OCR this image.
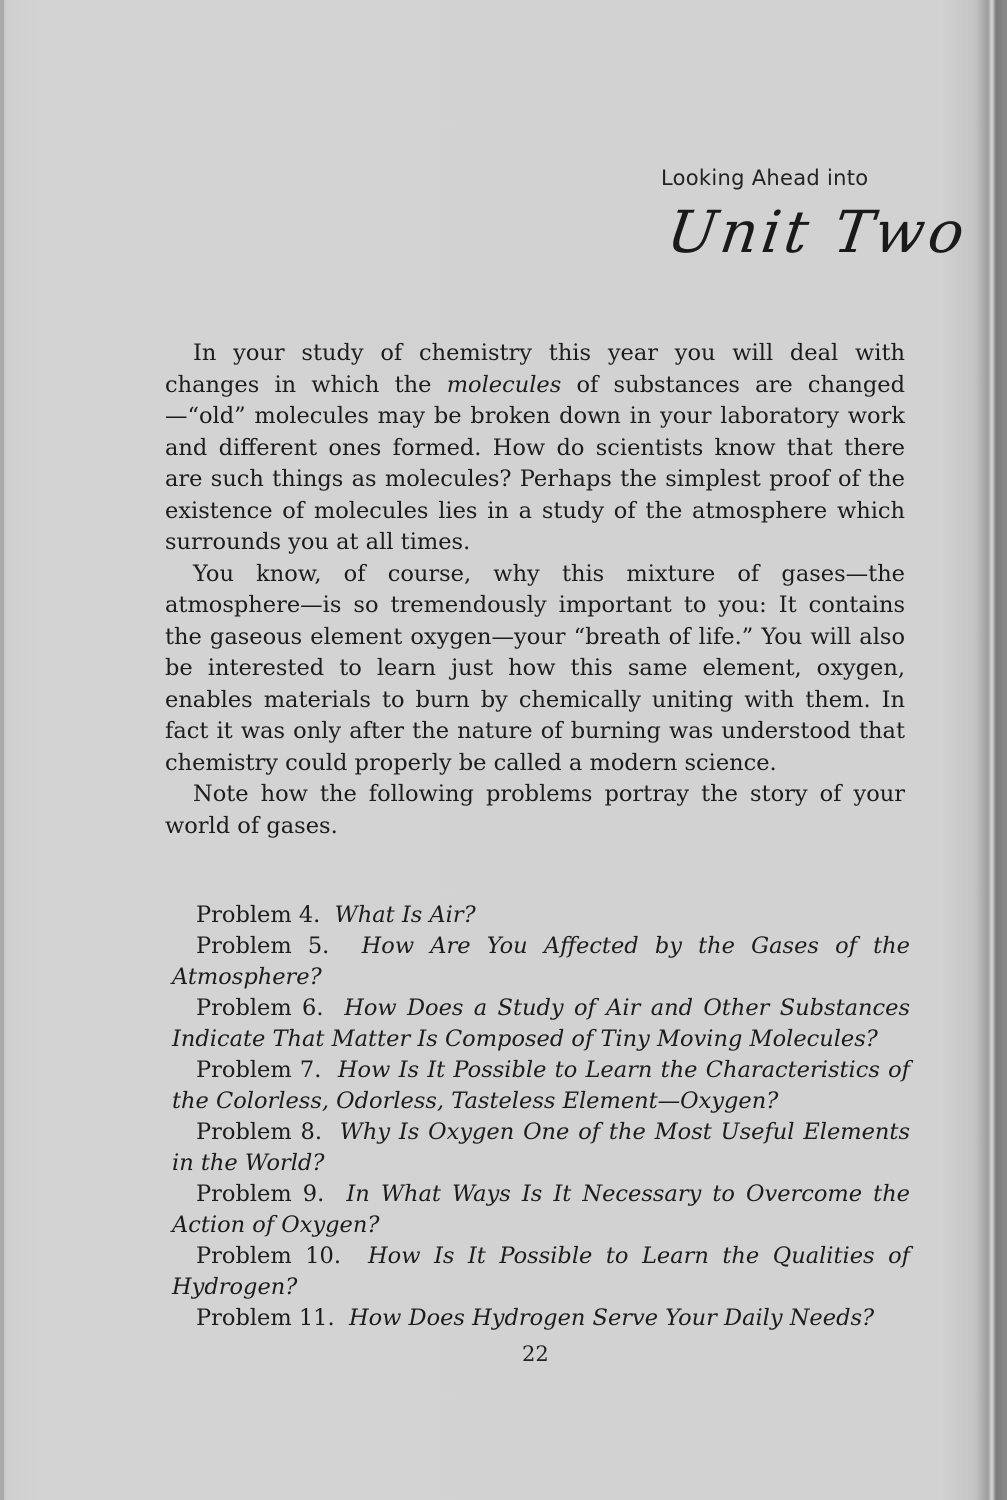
Looking Ahead into
Unit Two

In your study of chemistry this year you will deal with changes in which the molecules of substances are changed—“old” molecules may be broken down in your laboratory work and different ones formed. How do scientists know that there are such things as molecules? Perhaps the simplest proof of the existence of molecules lies in a study of the atmosphere which surrounds you at all times.

You know, of course, why this mixture of gases—the atmosphere—is so tremendously important to you: It contains the gaseous element oxygen—your “breath of life.” You will also be interested to learn just how this same element, oxygen, enables materials to burn by chemically uniting with them. In fact it was only after the nature of burning was understood that chemistry could properly be called a modern science.

Note how the following problems portray the story of your world of gases.

Problem 4. What Is Air?

Problem 5. How Are You Affected by the Gases of the Atmosphere?

Problem 6. How Does a Study of Air and Other Substances Indicate That Matter Is Composed of Tiny Moving Molecules?

Problem 7. How Is It Possible to Learn the Characteristics of the Colorless, Odorless, Tasteless Element—Oxygen?

Problem 8. Why Is Oxygen One of the Most Useful Elements in the World?

Problem 9. In What Ways Is It Necessary to Overcome the Action of Oxygen?

Problem 10. How Is It Possible to Learn the Qualities of Hydrogen?

Problem 11. How Does Hydrogen Serve Your Daily Needs?

22
